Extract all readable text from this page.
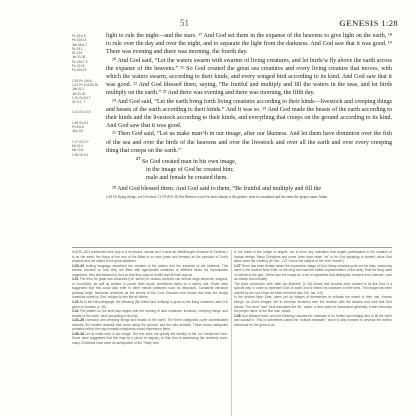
51	GENESIS 1:28
Ps 33:6-9
Ps 104:14
Job 38:4-7
Ps 19:1
Dt 4:19
Jer 31:35
Ps 136:7-9
Ps 74:16
Ps 104:19
1:20 Ps 146:6
1:21 Ps 104:25-26
Job 41:1
Jer 51:34
1:22 Gn 8:17
Gn 9:1, 7
1:24 Gn 2:19
1:26 Gn 5:1
Ps 8:6-8
Jms 3:9
1:27 Gn 2:7
Mt 19:4
Mk 10:6
1:28 Gn 9:1

light to rule the night—and the stars. ¹⁷ And God set them in the expanse of the heavens to give light on the earth, ¹⁸ to rule over the day and over the night, and to separate the light from the darkness. And God saw that it was good. ¹⁹ There was evening and there was morning, the fourth day.

²⁰ And God said, “Let the waters swarm with swarms of living creatures, and let birds^a fly above the earth across the expanse of the heavens.” ²¹ So God created the great sea creatures and every living creature that moves, with which the waters swarm, according to their kinds, and every winged bird according to its kind. And God saw that it was good. ²² And God blessed them, saying, “Be fruitful and multiply and fill the waters in the seas, and let birds multiply on the earth.” ²³ And there was evening and there was morning, the fifth day.

²⁴ And God said, “Let the earth bring forth living creatures according to their kinds—livestock and creeping things and beasts of the earth according to their kinds.” And it was so. ²⁵ And God made the beasts of the earth according to their kinds and the livestock according to their kinds, and everything that creeps on the ground according to its kind. And God saw that it was good.

²⁶ Then God said, “Let us make man^b in our image, after our likeness. And let them have dominion over the fish of the sea and over the birds of the heavens and over the livestock and over all the earth and over every creeping thing that creeps on the earth.”

$^{27}$ So God created man in his own image,
in the image of God he created him;
male and female he created them.

²⁸ And God blessed them. And God said to them, “Be fruitful and multiply and fill the

a 20 Or flying things; see Leviticus 11:19-20 b 26 The Hebrew word for man (adam) is the generic term for mankind and becomes the proper name Adam

to 8:20–28:3 mentioned here only in a ref phrase, almost as if it were an afterthought, because of Genesis 1 is on the earth; the focus of the rest of the Bible is on man (male and female) as the pinnacle of God’s creation and the object of his great salvation.

1:20–23 Inviting language described the creation of the waters and the expanse of the heavens. This section focuses on how they are filled with appropriate creatures of different kinds. As reproductive organisms, they are blessed by God so that they may be fruitful and fill their regions.

1:21 The term for great sea creatures (Hb. tannin) in various contexts can denote large serpents, dragons, or crocodiles, as well as whales; in poetic texts tannin sometimes takes on a mythic role. Some have suggested that this could also refer to other extinct creatures such as dinosaurs. Canaanite literature portrays large, fearsome creatures as the enemy of the Lord; Genesis here shows that they are simply creatures made by God, subject to him like all others.

1:22 As in the first paragraph, the blessing (Be fruitful and multiply) is given to the living creatures; later it is given to humans (v. 28).

1:24 The pattern on the sixth day begins with the forming of land creatures: livestock, creeping things, and beasts of the earth, each according to its kind.

1:24–25 Livestock and creeping things and beasts of the earth. The three categories cover domesticated animals, the smaller animals that move along the ground, and the wild animals. These broad categories probably reflect the way nomadic shepherds would experience them.

1:26–28 Let us make man in our image. The text does not specify the identity of the “us” mentioned here. Some have suggested that this may be a plural of majesty, or that God is addressing the heavenly court; many Christians have seen an anticipation of the Trinity here.

is not made in the image of angels, nor is there any indication that angels participated in the creation of human beings. Many Christians and some Jews have taken “us” to be God speaking to himself, since God alone does the creating (in Gen. 1:27 God is the subject of the verb “create”).

1:27 There has been debate about the expression image of God. Many scholars point out the idea, commonly used in the ancient Near East, of the king who was the visible representation of the deity; thus the king ruled on behalf of the god. Others see the image as a set of capacities that distinguish humans from animals, such as reason and morality.

The close connection with “after our likeness” (v. 26) shows that humans were created to be like God in a special way, in order to represent God on earth and to reflect his character in their lives. The image has been marred by sin, but it has not been removed (see 9:6; Jas. 3:9).

In the ancient Near East, rulers set up images of themselves to indicate the extent of their rule. Human beings, as God’s images, are to exercise dominion over the creation with the wisdom and care that God shows. The word “man” here translates the Hb. ’adam, a term used for humankind generally; it later becomes the proper name of the first man, Adam.

1:28 God blessed them, and the blessing includes the mandate to be fruitful and multiply and to fill the earth and subdue it. This is sometimes called the “cultural mandate,” since it calls humans to develop the earth’s resources for the good of all.
